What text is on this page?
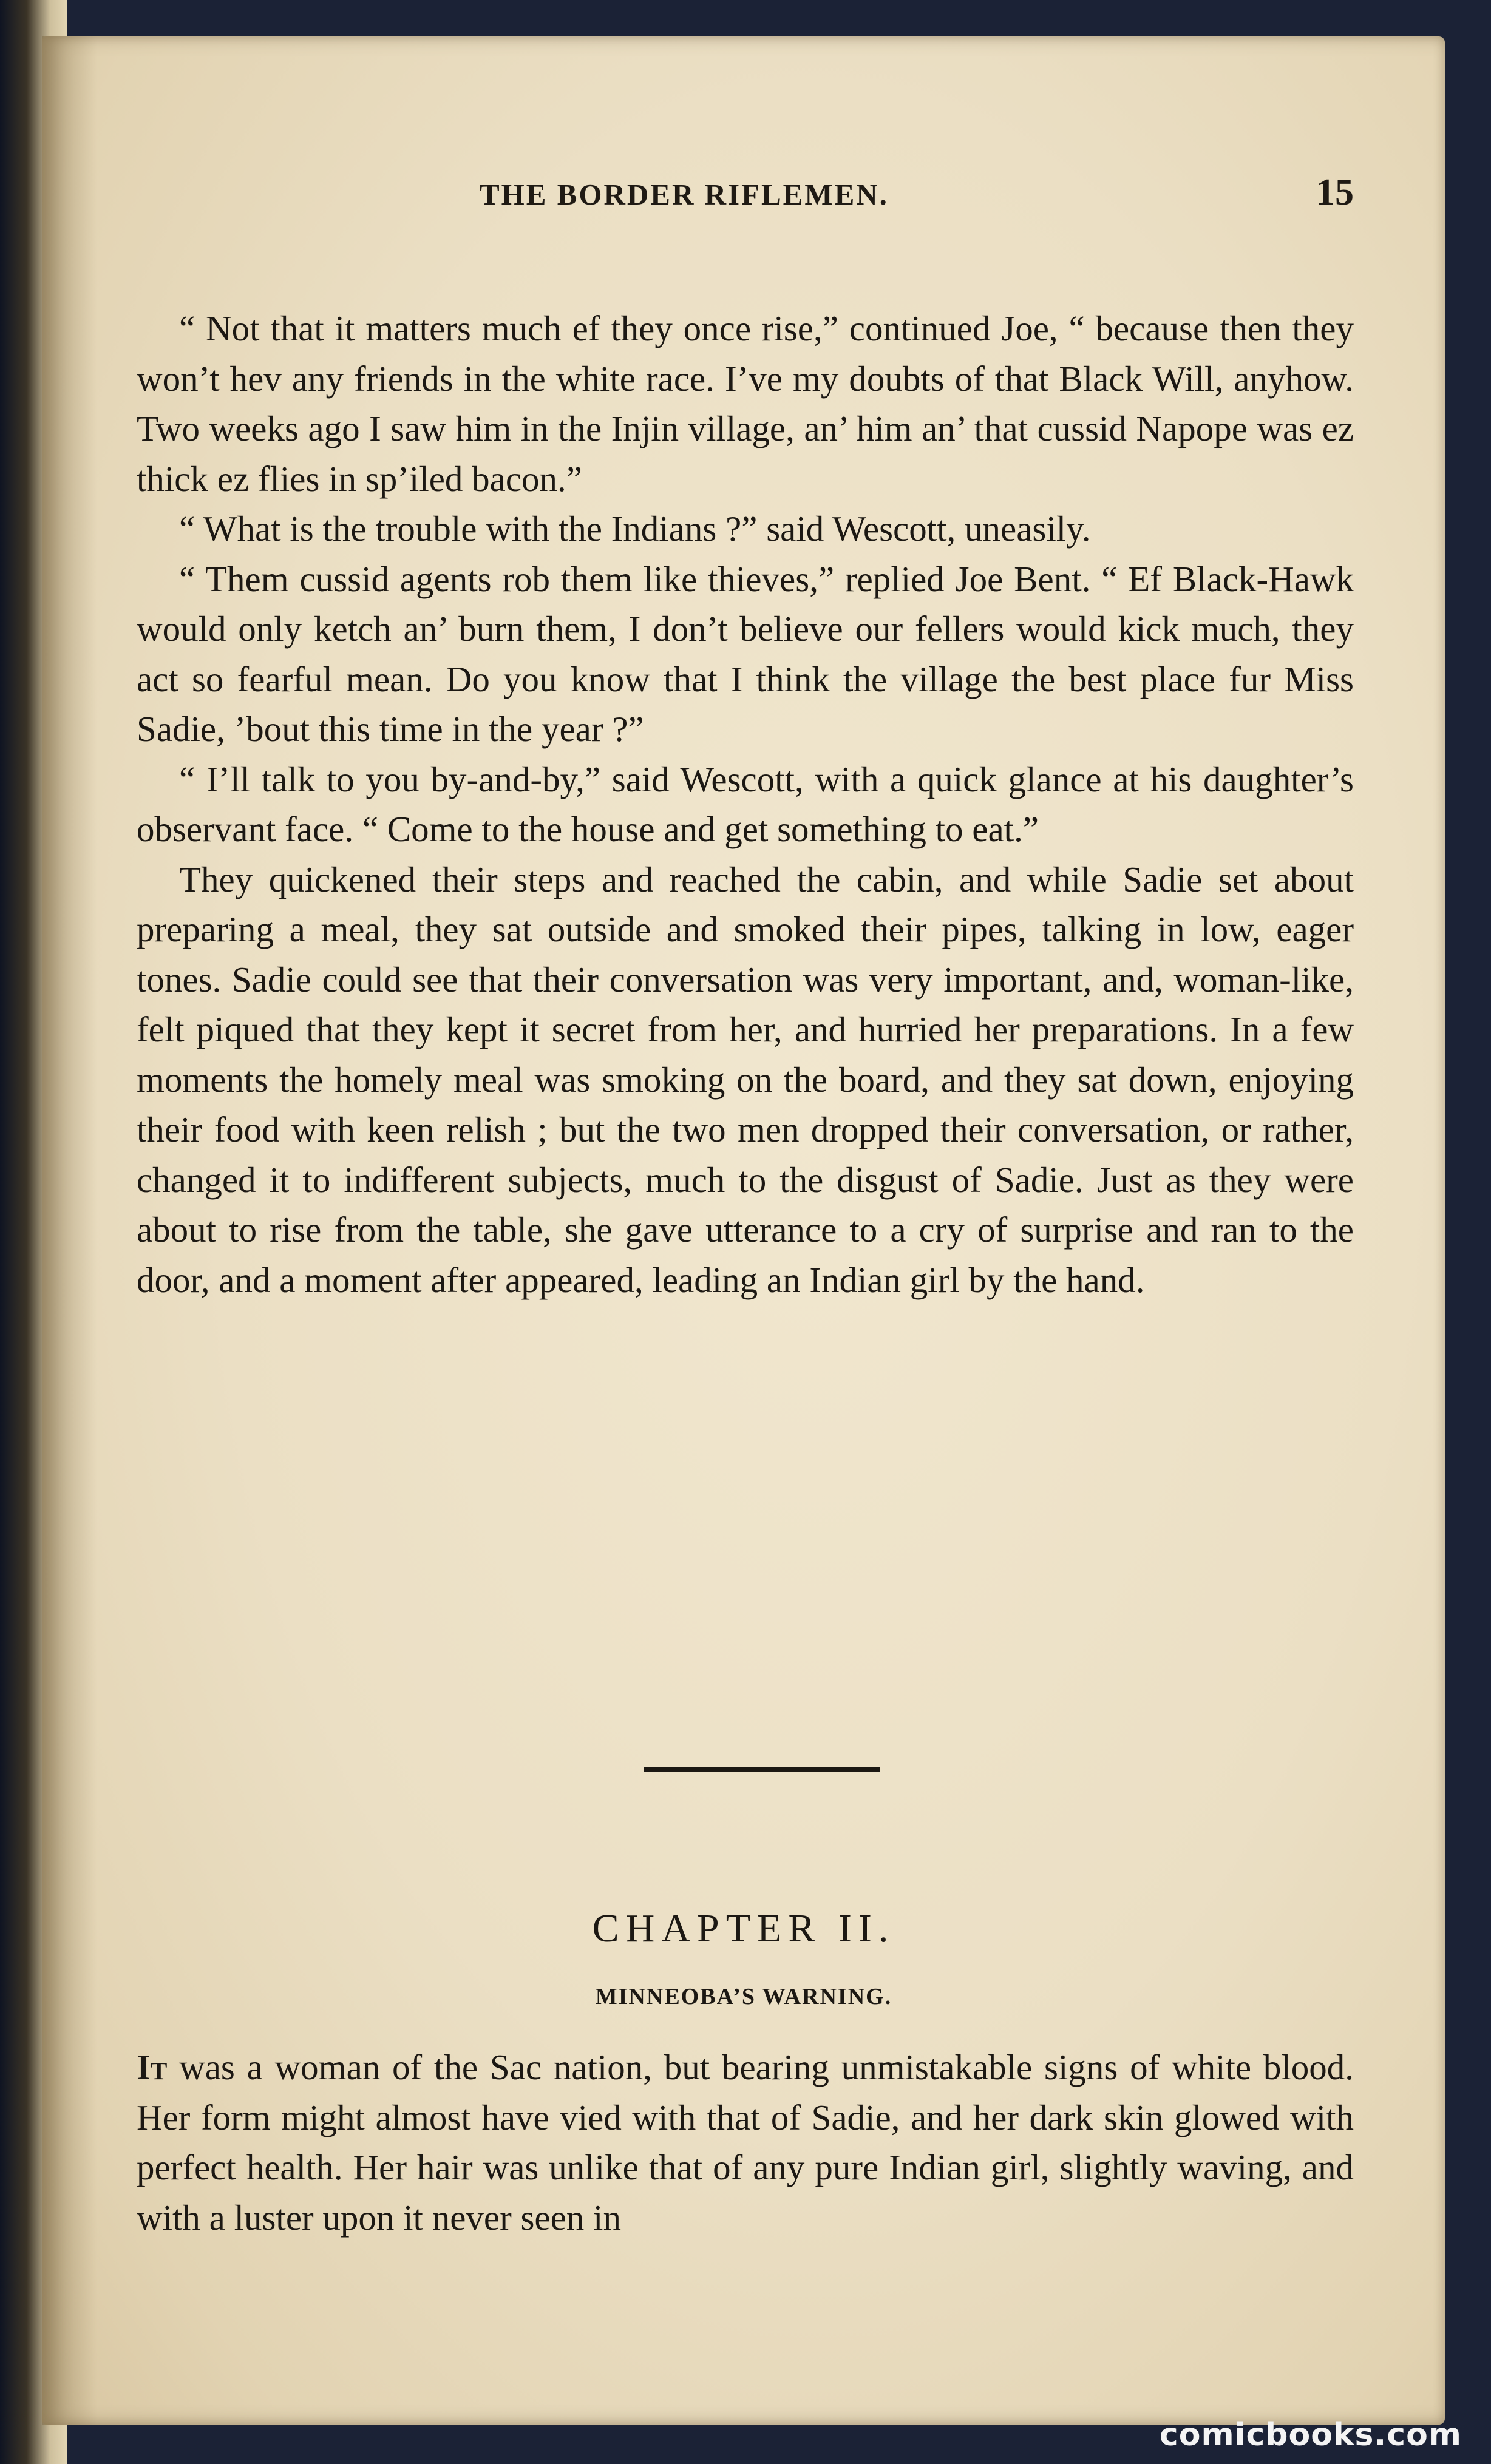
THE BORDER RIFLEMEN.	15

“ Not that it matters much ef they once rise,” continued Joe, “ because then they won’t hev any friends in the white race. I’ve my doubts of that Black Will, anyhow. Two weeks ago I saw him in the Injin village, an’ him an’ that cussid Napope was ez thick ez flies in sp’iled bacon.”

“ What is the trouble with the Indians ?” said Wescott, uneasily.

“ Them cussid agents rob them like thieves,” replied Joe Bent. “ Ef Black-Hawk would only ketch an’ burn them, I don’t believe our fellers would kick much, they act so fearful mean. Do you know that I think the village the best place fur Miss Sadie, ’bout this time in the year ?”

“ I’ll talk to you by-and-by,” said Wescott, with a quick glance at his daughter’s observant face. “ Come to the house and get something to eat.”

They quickened their steps and reached the cabin, and while Sadie set about preparing a meal, they sat outside and smoked their pipes, talking in low, eager tones. Sadie could see that their conversation was very important, and, woman-like, felt piqued that they kept it secret from her, and hurried her preparations. In a few moments the homely meal was smoking on the board, and they sat down, enjoying their food with keen relish ; but the two men dropped their conversation, or rather, changed it to indifferent subjects, much to the disgust of Sadie. Just as they were about to rise from the table, she gave utterance to a cry of surprise and ran to the door, and a moment after appeared, leading an Indian girl by the hand.

CHAPTER II.
MINNEOBA’S WARNING.

It was a woman of the Sac nation, but bearing unmistakable signs of white blood. Her form might almost have vied with that of Sadie, and her dark skin glowed with perfect health. Her hair was unlike that of any pure Indian girl, slightly waving, and with a luster upon it never seen in

comicbooks.com
